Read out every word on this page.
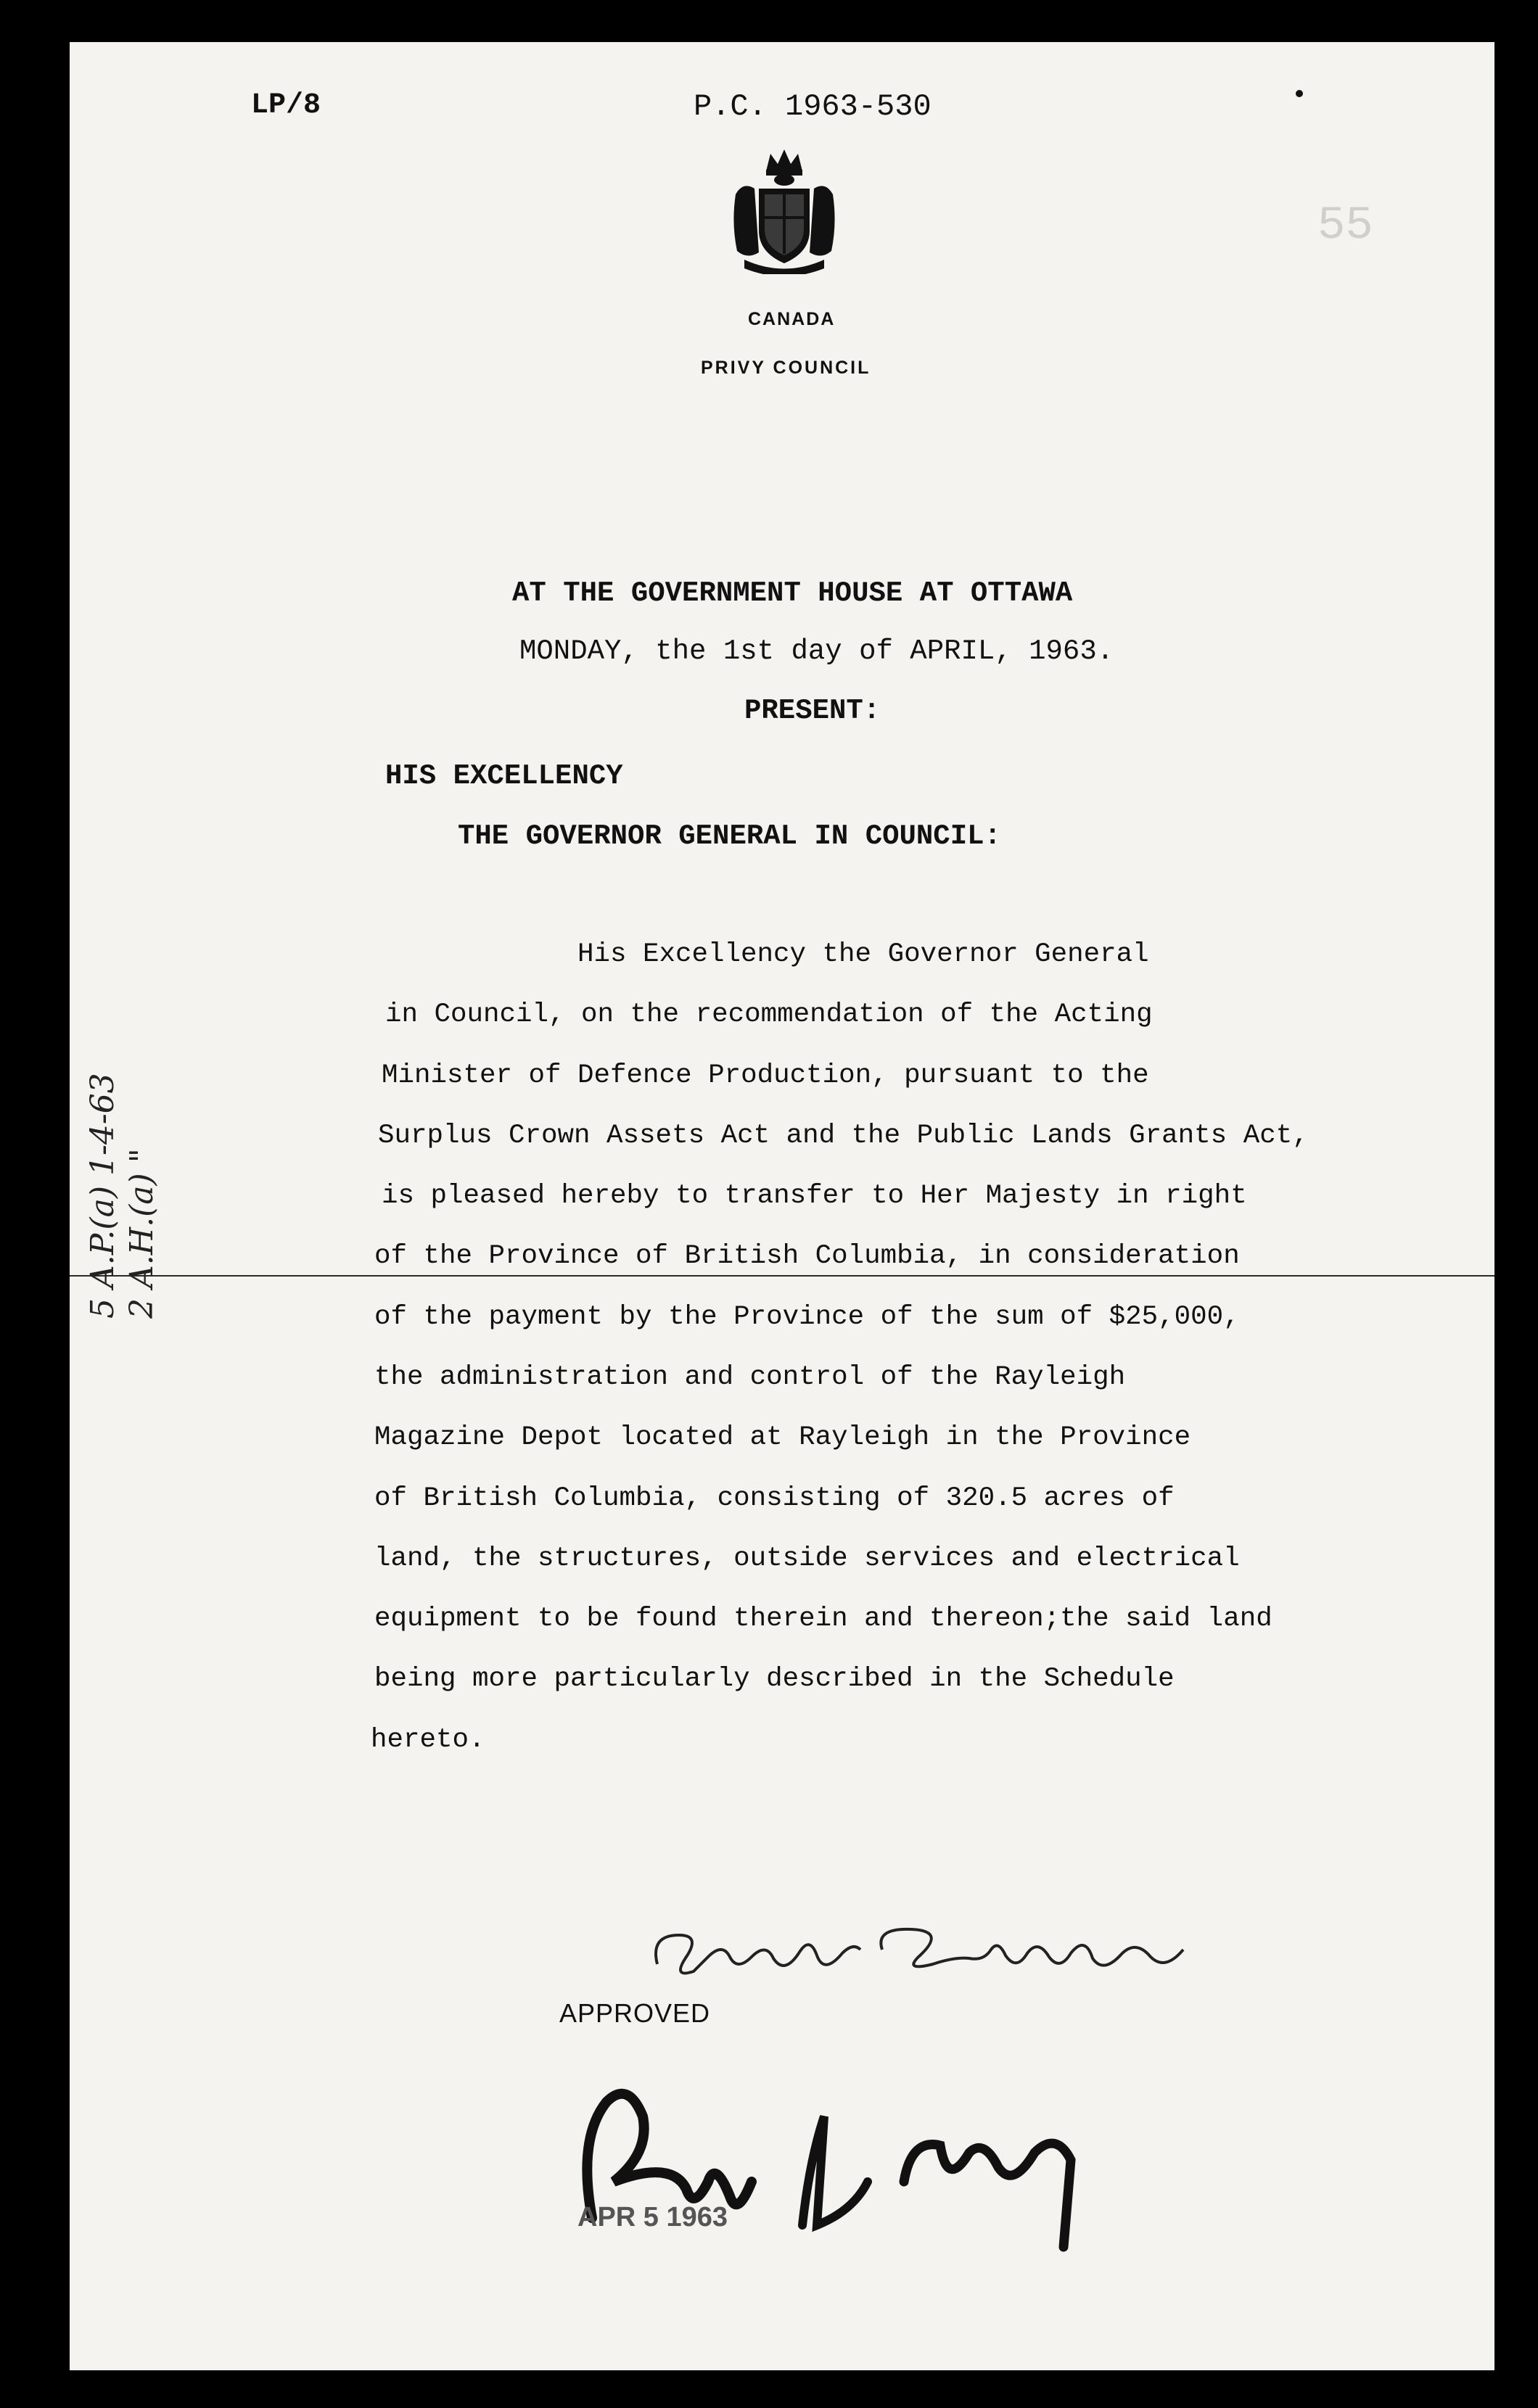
LP/8	P.C. 1963-530
55
CANADA
PRIVY COUNCIL
AT THE GOVERNMENT HOUSE AT OTTAWA
MONDAY, the 1st day of APRIL, 1963.
PRESENT:
HIS EXCELLENCY
THE GOVERNOR GENERAL IN COUNCIL:
His Excellency the Governor General
in Council, on the recommendation of the Acting
Minister of Defence Production, pursuant to the
Surplus Crown Assets Act and the Public Lands Grants Act,
is pleased hereby to transfer to Her Majesty in right
of the Province of British Columbia, in consideration
of the payment by the Province of the sum of $25,000,
the administration and control of the Rayleigh
Magazine Depot located at Rayleigh in the Province
of British Columbia, consisting of 320.5 acres of
land, the structures, outside services and electrical
equipment to be found therein and thereon;the said land
being more particularly described in the Schedule
hereto.
5 A.P.(a) 1-4-63 2 A.H.(a) "
APPROVED
APR 5 1963
